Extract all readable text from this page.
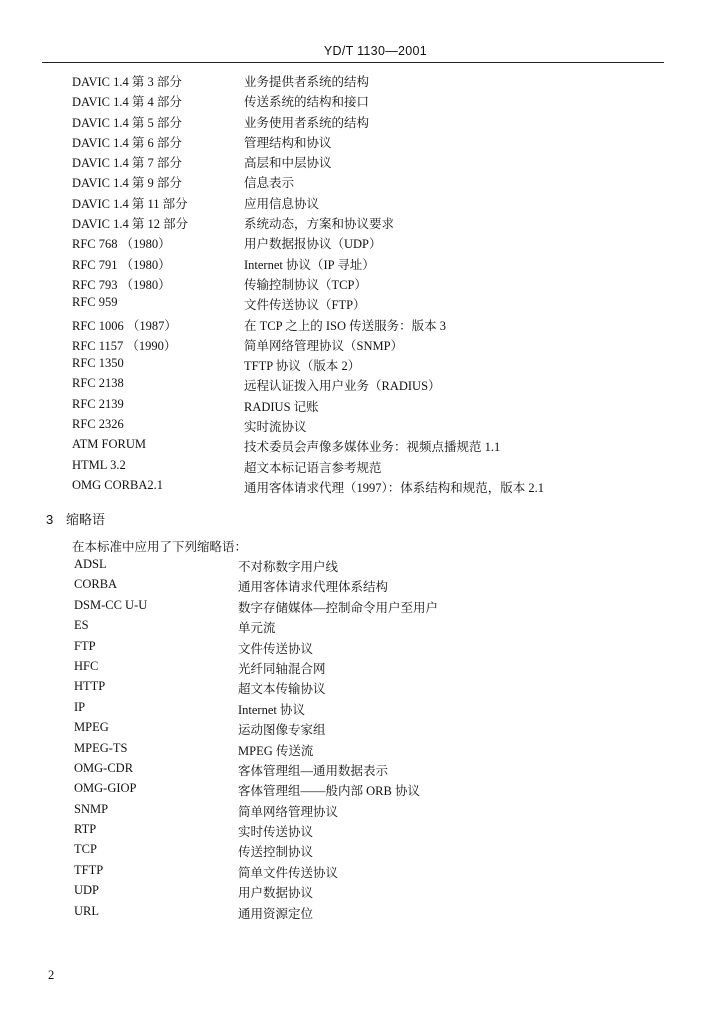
YD/T 1130—2001
DAVIC 1.4 第 3 部分	业务提供者系统的结构
DAVIC 1.4 第 4 部分	传送系统的结构和接口
DAVIC 1.4 第 5 部分	业务使用者系统的结构
DAVIC 1.4 第 6 部分	管理结构和协议
DAVIC 1.4 第 7 部分	高层和中层协议
DAVIC 1.4 第 9 部分	信息表示
DAVIC 1.4 第 11 部分	应用信息协议
DAVIC 1.4 第 12 部分	系统动态，方案和协议要求
RFC 768 （1980）	用户数据报协议（UDP）
RFC 791 （1980）	Internet 协议（IP 寻址）
RFC 793 （1980）	传输控制协议（TCP）
RFC 959	文件传送协议（FTP）
RFC 1006 （1987）	在 TCP 之上的 ISO 传送服务：版本 3
RFC 1157 （1990）	简单网络管理协议（SNMP）
RFC 1350	TFTP 协议（版本 2）
RFC 2138	远程认证拨入用户业务（RADIUS）
RFC 2139	RADIUS 记账
RFC 2326	实时流协议
ATM FORUM	技术委员会声像多媒体业务：视频点播规范 1.1
HTML 3.2	超文本标记语言参考规范
OMG CORBA2.1	通用客体请求代理（1997）：体系结构和规范，版本 2.1
3 缩略语
在本标准中应用了下列缩略语：
ADSL	不对称数字用户线
CORBA	通用客体请求代理体系结构
DSM-CC U-U	数字存储媒体—控制命令用户至用户
ES	单元流
FTP	文件传送协议
HFC	光纤同轴混合网
HTTP	超文本传输协议
IP	Internet 协议
MPEG	运动图像专家组
MPEG-TS	MPEG 传送流
OMG-CDR	客体管理组—通用数据表示
OMG-GIOP	客体管理组——般内部 ORB 协议
SNMP	简单网络管理协议
RTP	实时传送协议
TCP	传送控制协议
TFTP	简单文件传送协议
UDP	用户数据协议
URL	通用资源定位
2
